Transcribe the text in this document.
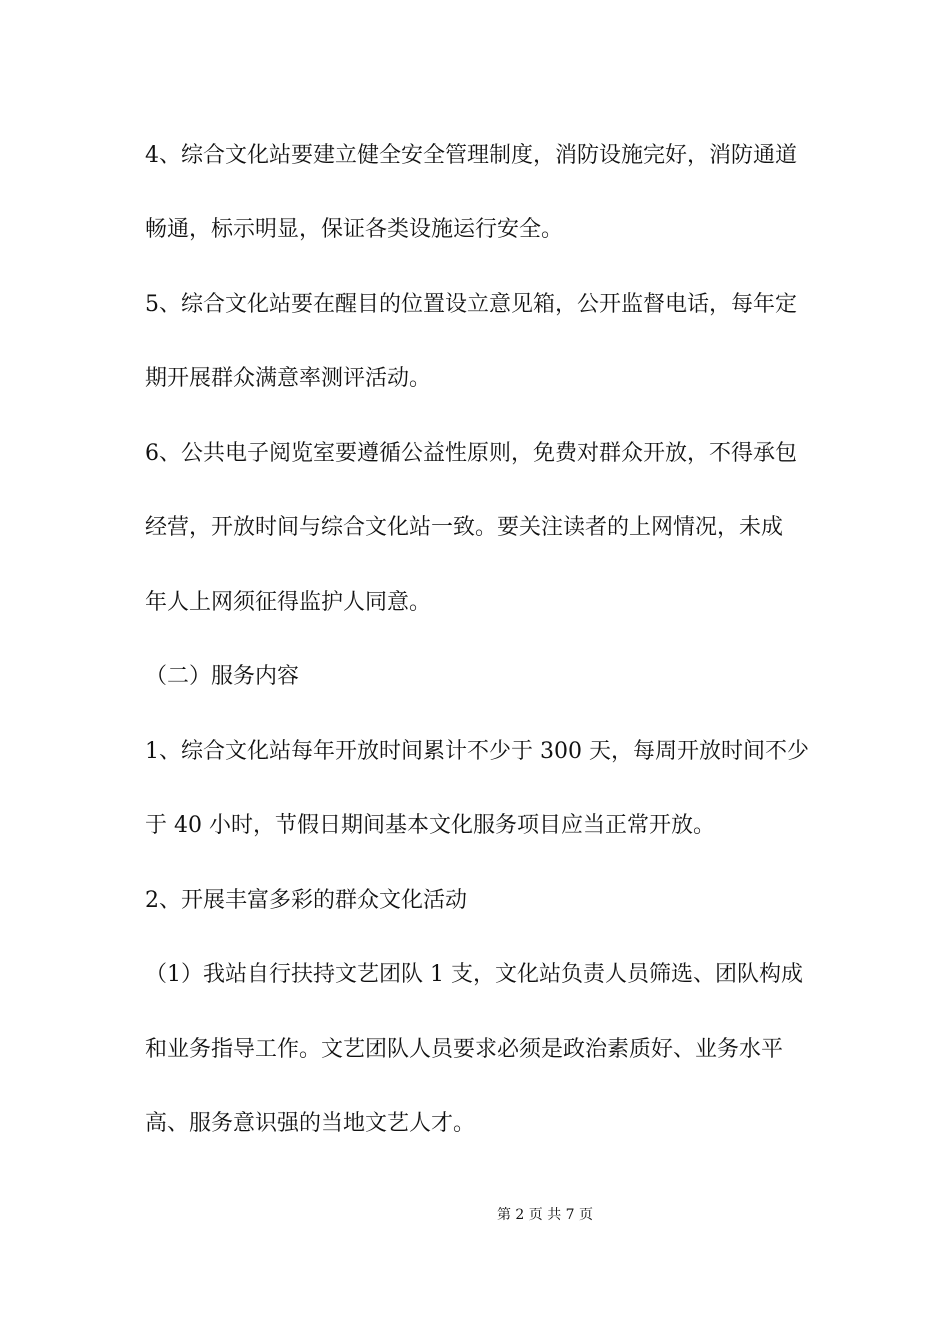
4、综合文化站要建立健全安全管理制度，消防设施完好，消防通道
畅通，标示明显，保证各类设施运行安全。
5、综合文化站要在醒目的位置设立意见箱，公开监督电话，每年定
期开展群众满意率测评活动。
6、公共电子阅览室要遵循公益性原则，免费对群众开放，不得承包
经营，开放时间与综合文化站一致。要关注读者的上网情况，未成
年人上网须征得监护人同意。
（二）服务内容
1、综合文化站每年开放时间累计不少于 300 天，每周开放时间不少
于 40 小时，节假日期间基本文化服务项目应当正常开放。
2、开展丰富多彩的群众文化活动
（1）我站自行扶持文艺团队 1 支，文化站负责人员筛选、团队构成
和业务指导工作。文艺团队人员要求必须是政治素质好、业务水平
高、服务意识强的当地文艺人才。
第 2 页 共 7 页
